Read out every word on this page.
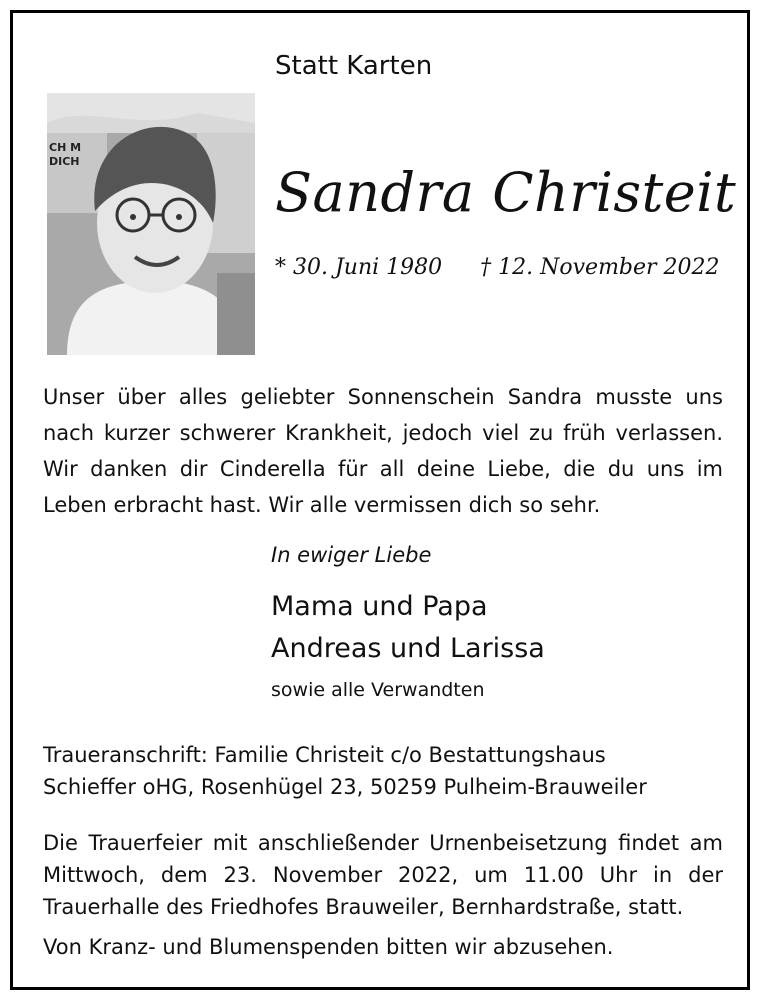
Statt Karten
CH M
DICH	Sandra Christeit
* 30. Juni 1980 † 12. November 2022
Unser über alles geliebter Sonnenschein Sandra musste uns nach kurzer schwerer Krankheit, jedoch viel zu früh verlassen. Wir danken dir Cinderella für all deine Liebe, die du uns im Leben erbracht hast. Wir alle vermissen dich so sehr.
In ewiger Liebe
Mama und Papa
Andreas und Larissa
sowie alle Verwandten
Traueranschrift: Familie Christeit c/o Bestattungshaus
Schieffer oHG, Rosenhügel 23, 50259 Pulheim-Brauweiler
Die Trauerfeier mit anschließender Urnenbeisetzung findet am Mittwoch, dem 23. November 2022, um 11.00 Uhr in der Trauerhalle des Friedhofes Brauweiler, Bernhardstraße, statt.
Von Kranz- und Blumenspenden bitten wir abzusehen.
